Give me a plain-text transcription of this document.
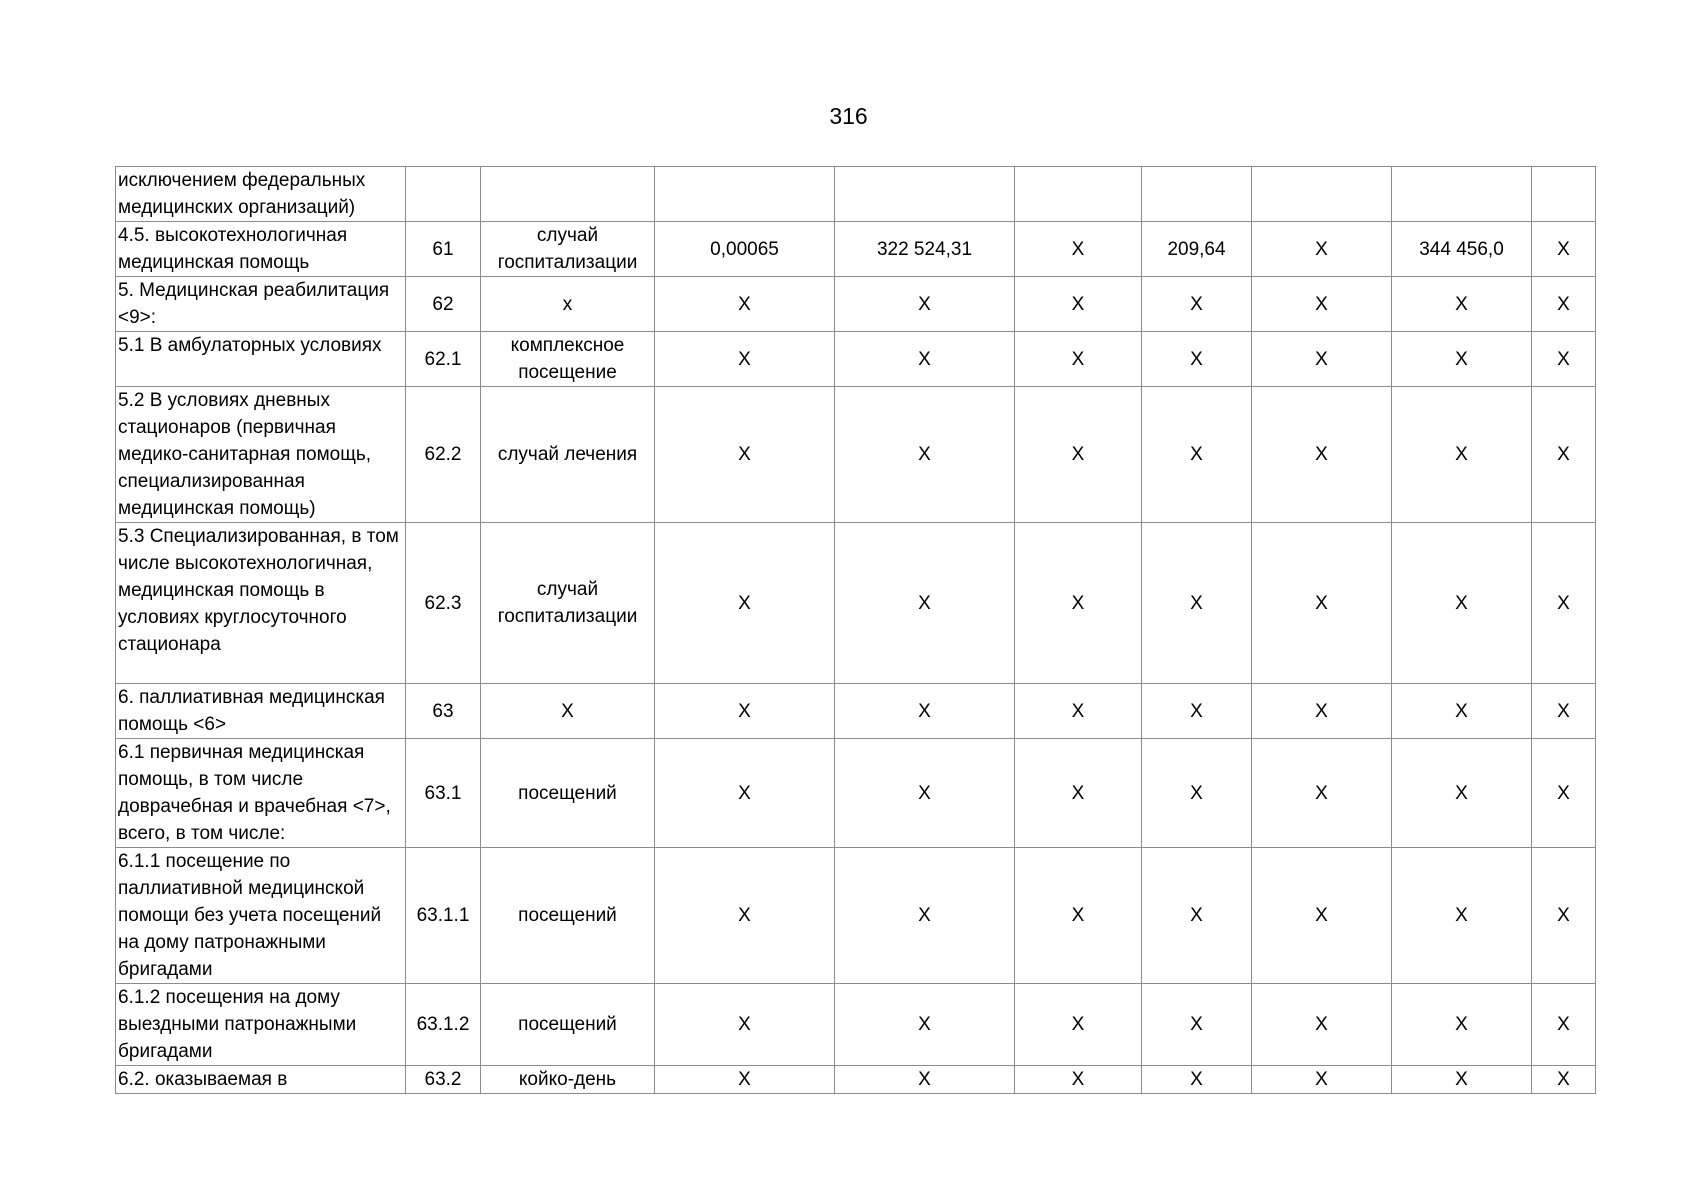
316
исключением федеральных медицинских организаций)									
4.5. высокотехнологичная медицинская помощь	61	случай госпитализации	0,00065	322 524,31	X	209,64	X	344 456,0	X
5. Медицинская реабилитация <9>:	62	х	X	X	X	X	X	X	X
5.1 В амбулаторных условиях	62.1	комплексное посещение	X	X	X	X	X	X	X
5.2 В условиях дневных стационаров (первичная медико-санитарная помощь, специализированная медицинская помощь)	62.2	случай лечения	X	X	X	X	X	X	X
5.3 Специализированная, в том числе высокотехнологичная, медицинская помощь в условиях круглосуточного стационара	62.3	случай госпитализации	X	X	X	X	X	X	X
6. паллиативная медицинская помощь <6>	63	Х	X	X	X	X	X	X	X
6.1 первичная медицинская помощь, в том числе доврачебная и врачебная <7>, всего, в том числе:	63.1	посещений	X	X	X	X	X	X	X
6.1.1 посещение по паллиативной медицинской помощи без учета посещений на дому патронажными бригадами	63.1.1	посещений	X	X	X	X	X	X	X
6.1.2 посещения на дому выездными патронажными бригадами	63.1.2	посещений	X	X	X	X	X	X	X
6.2. оказываемая в	63.2	койко-день	X	X	X	X	X	X	X
